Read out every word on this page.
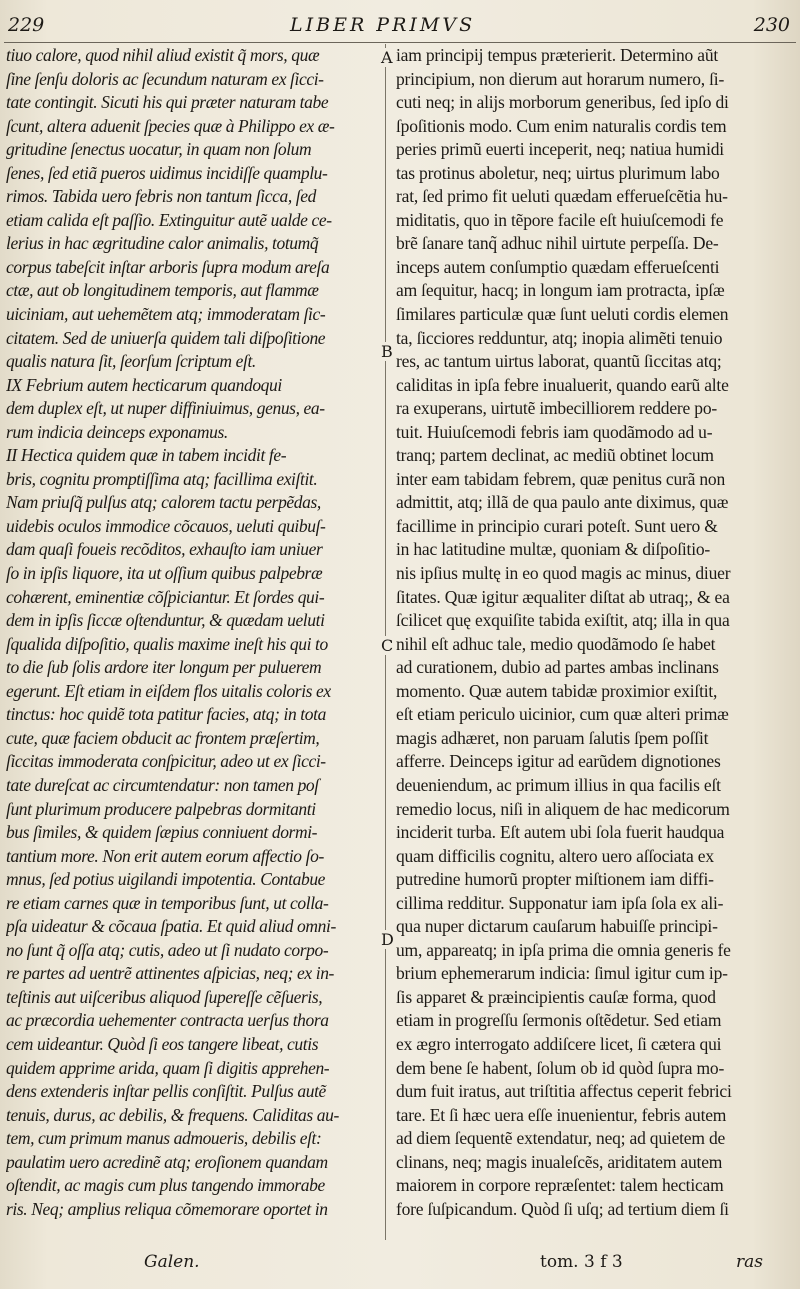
229	LIBER PRIMVS	230
tiuo calore, quod nihil aliud existit q̃ mors, quæ
ſine ſenſu doloris ac ſecundum naturam ex ſicci-
tate contingit. Sicuti his qui præter naturam tabe
ſcunt, altera aduenit ſpecies quæ à Philippo ex æ-
gritudine ſenectus uocatur, in quam non ſolum
ſenes, ſed etiã pueros uidimus incidiſſe quamplu-
rimos. Tabida uero febris non tantum ſicca, ſed
etiam calida eſt paſſio. Extinguitur autẽ ualde ce-
lerius in hac ægritudine calor animalis, totumq̃
corpus tabeſcit inſtar arboris ſupra modum areſa
ctæ, aut ob longitudinem temporis, aut flammæ
uiciniam, aut uehemẽtem atq; immoderatam ſic-
citatem. Sed de uniuerſa quidem tali diſpoſitione
qualis natura ſit, ſeorſum ſcriptum eſt.
IX Febrium autem hecticarum quandoqui
dem duplex eſt, ut nuper diffiniuimus, genus, ea-
rum indicia deinceps exponamus.
II Hectica quidem quæ in tabem incidit fe-
bris, cognitu promptiſſima atq; facillima exiſtit.
Nam priuſq̃ pulſus atq; calorem tactu perpẽdas,
uidebis oculos immodice cõcauos, ueluti quibuſ-
dam quaſi foueis recõditos, exhauſto iam uniuer
ſo in ipſis liquore, ita ut oſſium quibus palpebræ
cohærent, eminentiæ cõſpiciantur. Et ſordes qui-
dem in ipſis ſiccæ oſtenduntur, & quædam ueluti
ſqualida diſpoſitio, qualis maxime ineſt his qui to
to die ſub ſolis ardore iter longum per puluerem
egerunt. Eſt etiam in eiſdem flos uitalis coloris ex
tinctus: hoc quidẽ tota patitur facies, atq; in tota
cute, quæ faciem obducit ac frontem præſertim,
ſiccitas immoderata conſpicitur, adeo ut ex ſicci-
tate dureſcat ac circumtendatur: non tamen poſ
ſunt plurimum producere palpebras dormitanti
bus ſimiles, & quidem ſæpius conniuent dormi-
tantium more. Non erit autem eorum affectio ſo-
mnus, ſed potius uigilandi impotentia. Contabue
re etiam carnes quæ in temporibus ſunt, ut colla-
pſa uideatur & cõcaua ſpatia. Et quid aliud omni-
no ſunt q̃ oſſa atq; cutis, adeo ut ſi nudato corpo-
re partes ad uentrẽ attinentes aſpicias, neq; ex in-
teſtinis aut uiſceribus aliquod ſupereſſe cẽſueris,
ac præcordia uehementer contracta uerſus thora
cem uideantur. Quòd ſi eos tangere libeat, cutis
quidem apprime arida, quam ſi digitis apprehen-
dens extenderis inſtar pellis conſiſtit. Pulſus autẽ
tenuis, durus, ac debilis, & frequens. Caliditas au-
tem, cum primum manus admoueris, debilis eſt:
paulatim uero acredinẽ atq; eroſionem quandam
oſtendit, ac magis cum plus tangendo immorabe
ris. Neq; amplius reliqua cõmemorare oportet in
iam principij tempus præterierit. Determino aũt
principium, non dierum aut horarum numero, ſi-
cuti neq; in alijs morborum generibus, ſed ipſo di
ſpoſitionis modo. Cum enim naturalis cordis tem
peries primũ euerti inceperit, neq; natiua humidi
tas protinus aboletur, neq; uirtus plurimum labo
rat, ſed primo fit ueluti quædam efferueſcẽtia hu-
miditatis, quo in tẽpore facile eſt huiuſcemodi fe
brẽ ſanare tanq̃ adhuc nihil uirtute perpeſſa. De-
inceps autem conſumptio quædam efferueſcenti
am ſequitur, hacq; in longum iam protracta, ipſæ
ſimilares particulæ quæ ſunt ueluti cordis elemen
ta, ſicciores redduntur, atq; inopia alimẽti tenuio
res, ac tantum uirtus laborat, quantũ ſiccitas atq;
caliditas in ipſa febre inualuerit, quando earũ alte
ra exuperans, uirtutẽ imbecilliorem reddere po-
tuit. Huiuſcemodi febris iam quodãmodo ad u-
tranq; partem declinat, ac mediũ obtinet locum
inter eam tabidam febrem, quæ penitus curã non
admittit, atq; illã de qua paulo ante diximus, quæ
facillime in principio curari poteſt. Sunt uero &
in hac latitudine multæ, quoniam & diſpoſitio-
nis ipſius multę in eo quod magis ac minus, diuer
ſitates. Quæ igitur æqualiter diſtat ab utraq;, & ea
ſcilicet quę exquiſite tabida exiſtit, atq; illa in qua
nihil eſt adhuc tale, medio quodãmodo ſe habet
ad curationem, dubio ad partes ambas inclinans
momento. Quæ autem tabidæ proximior exiſtit,
eſt etiam periculo uicinior, cum quæ alteri primæ
magis adhæret, non paruam ſalutis ſpem poſſit
afferre. Deinceps igitur ad earũdem dignotiones
deueniendum, ac primum illius in qua facilis eſt
remedio locus, niſi in aliquem de hac medicorum
inciderit turba. Eſt autem ubi ſola fuerit haudqua
quam difficilis cognitu, altero uero aſſociata ex
putredine humorũ propter miſtionem iam diffi-
cillima redditur. Supponatur iam ipſa ſola ex ali-
qua nuper dictarum cauſarum habuiſſe principi-
um, appareatq; in ipſa prima die omnia generis fe
brium ephemerarum indicia: ſimul igitur cum ip-
ſis apparet & præincipientis cauſæ forma, quod
etiam in progreſſu ſermonis oſtẽdetur. Sed etiam
ex ægro interrogato addiſcere licet, ſi cætera qui
dem bene ſe habent, ſolum ob id quòd ſupra mo-
dum fuit iratus, aut triſtitia affectus ceperit febrici
tare. Et ſi hæc uera eſſe inuenientur, febris autem
ad diem ſequentẽ extendatur, neq; ad quietem de
clinans, neq; magis inualeſcẽs, ariditatem autem
maiorem in corpore repræſentet: talem hecticam
fore ſuſpicandum. Quòd ſi uſq; ad tertium diem ſi
A
B
C
D
Galen.	tom. 3 f 3	ras
